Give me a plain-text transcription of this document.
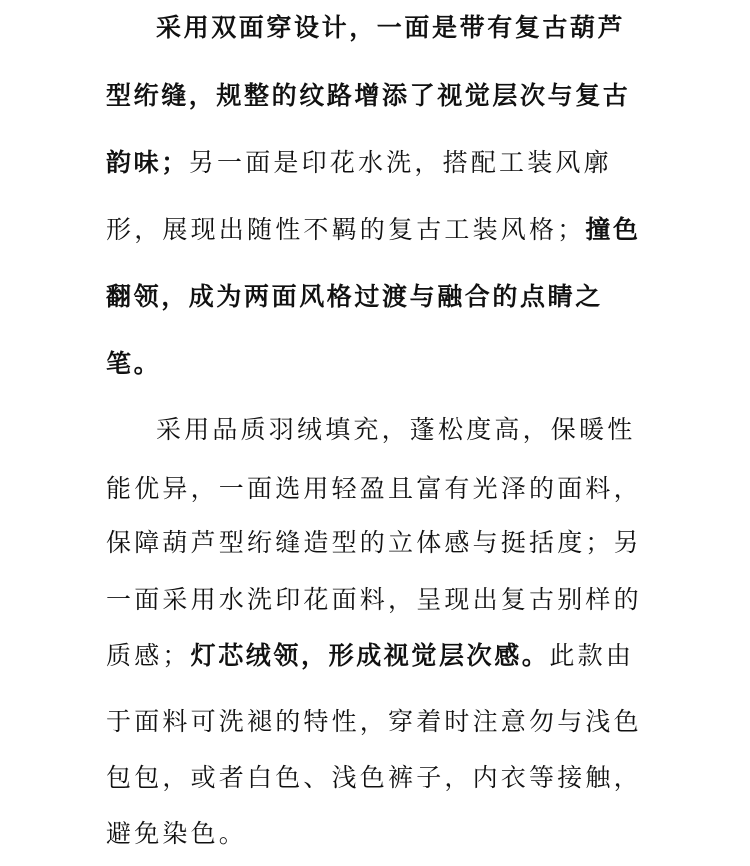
采用双面穿设计，一面是带有复古葫芦
型绗缝，规整的纹路增添了视觉层次与复古
韵味；另一面是印花水洗，搭配工装风廓
形，展现出随性不羁的复古工装风格；撞色
翻领，成为两面风格过渡与融合的点睛之
笔。
采用品质羽绒填充，蓬松度高，保暖性
能优异，一面选用轻盈且富有光泽的面料，
保障葫芦型绗缝造型的立体感与挺括度；另
一面采用水洗印花面料，呈现出复古别样的
质感；灯芯绒领，形成视觉层次感。此款由
于面料可洗褪的特性，穿着时注意勿与浅色
包包，或者白色、浅色裤子，内衣等接触，
避免染色。
